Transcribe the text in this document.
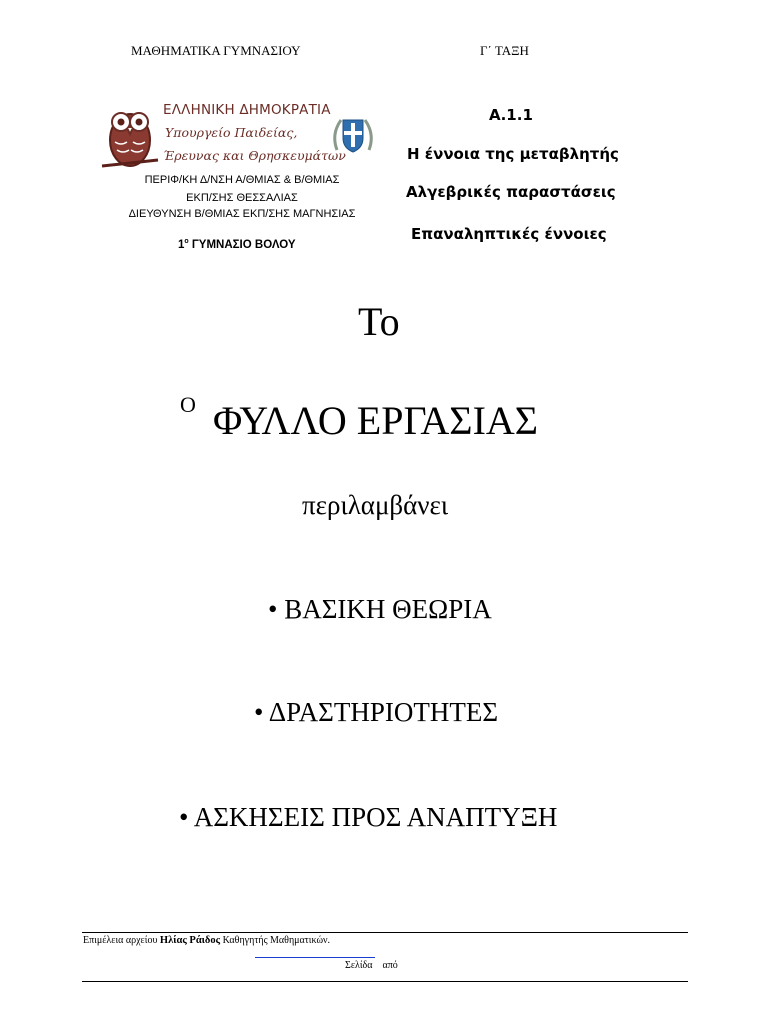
ΜΑΘΗΜΑΤΙΚΑ ΓΥΜΝΑΣΙΟΥ	Γ΄ ΤΑΞΗ
ΕΛΛΗΝΙΚΗ ΔΗΜΟΚΡΑΤΙΑ
Υπουργείο Παιδείας,
Έρευνας και Θρησκευμάτων
ΠΕΡΙΦ/ΚΗ Δ/ΝΣΗ Α/ΘΜΙΑΣ & Β/ΘΜΙΑΣ
ΕΚΠ/ΣΗΣ ΘΕΣΣΑΛΙΑΣ
ΔΙΕΥΘΥΝΣΗ Β/ΘΜΙΑΣ ΕΚΠ/ΣΗΣ ΜΑΓΝΗΣΙΑΣ
$1^o$ ΓΥΜΝΑΣΙΟ ΒΟΛΟΥ
Α.1.1
Η έννοια της μεταβλητής
Αλγεβρικές παραστάσεις
Επαναληπτικές έννοιες
Το
Ο ΦΥΛΛΟ ΕΡΓΑΣΙΑΣ
περιλαμβάνει
• ΒΑΣΙΚΗ ΘΕΩΡΙΑ
• ΔΡΑΣΤΗΡΙΟΤΗΤΕΣ
• ΑΣΚΗΣΕΙΣ ΠΡΟΣ ΑΝΑΠΤΥΞΗ
Επιμέλεια αρχείου Ηλίας Ράιδος Καθηγητής Μαθηματικών.
Σελίδα από
